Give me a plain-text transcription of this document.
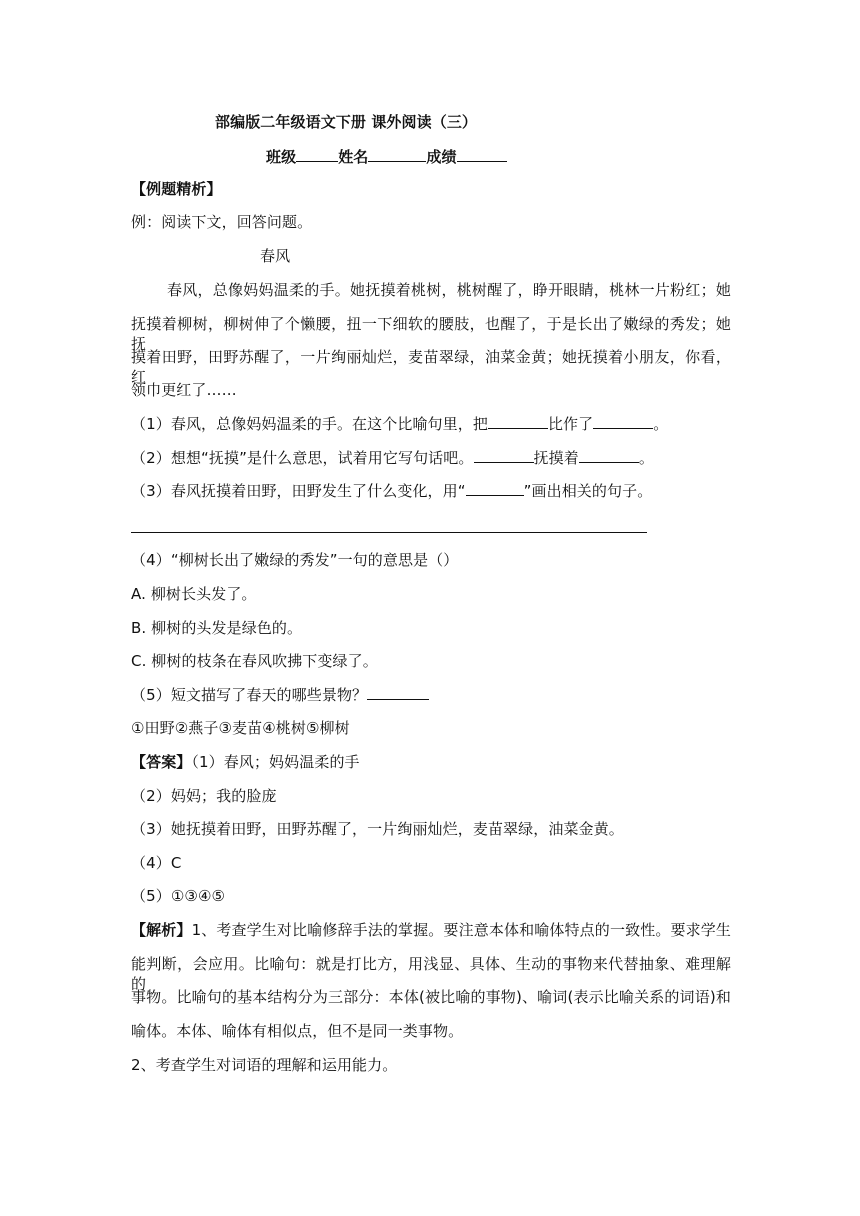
部编版二年级语文下册 课外阅读（三）
班级	姓名	成绩
【例题精析】
例：阅读下文，回答问题。
春风
春风，总像妈妈温柔的手。她抚摸着桃树，桃树醒了，睁开眼睛，桃林一片粉红；她
抚摸着柳树，柳树伸了个懒腰，扭一下细软的腰肢，也醒了，于是长出了嫩绿的秀发；她抚
摸着田野，田野苏醒了，一片绚丽灿烂，麦苗翠绿，油菜金黄；她抚摸着小朋友，你看，红
领巾更红了……
（1）春风，总像妈妈温柔的手。在这个比喻句里，把	比作了	。
（2）想想“抚摸”是什么意思，试着用它写句话吧。	抚摸着	。
（3）春风抚摸着田野，田野发生了什么变化，用“	”画出相关的句子。
（4）“柳树长出了嫩绿的秀发”一句的意思是（）
A. 柳树长头发了。
B. 柳树的头发是绿色的。
C. 柳树的枝条在春风吹拂下变绿了。
（5）短文描写了春天的哪些景物？
①田野②燕子③麦苗④桃树⑤柳树
【答案】（1）春风；妈妈温柔的手
（2）妈妈；我的脸庞
（3）她抚摸着田野，田野苏醒了，一片绚丽灿烂，麦苗翠绿，油菜金黄。
（4）C
（5）①③④⑤
【解析】1、考查学生对比喻修辞手法的掌握。要注意本体和喻体特点的一致性。要求学生
能判断，会应用。比喻句：就是打比方，用浅显、具体、生动的事物来代替抽象、难理解的
事物。比喻句的基本结构分为三部分：本体(被比喻的事物)、喻词(表示比喻关系的词语)和
喻体。本体、喻体有相似点，但不是同一类事物。
2、考查学生对词语的理解和运用能力。
